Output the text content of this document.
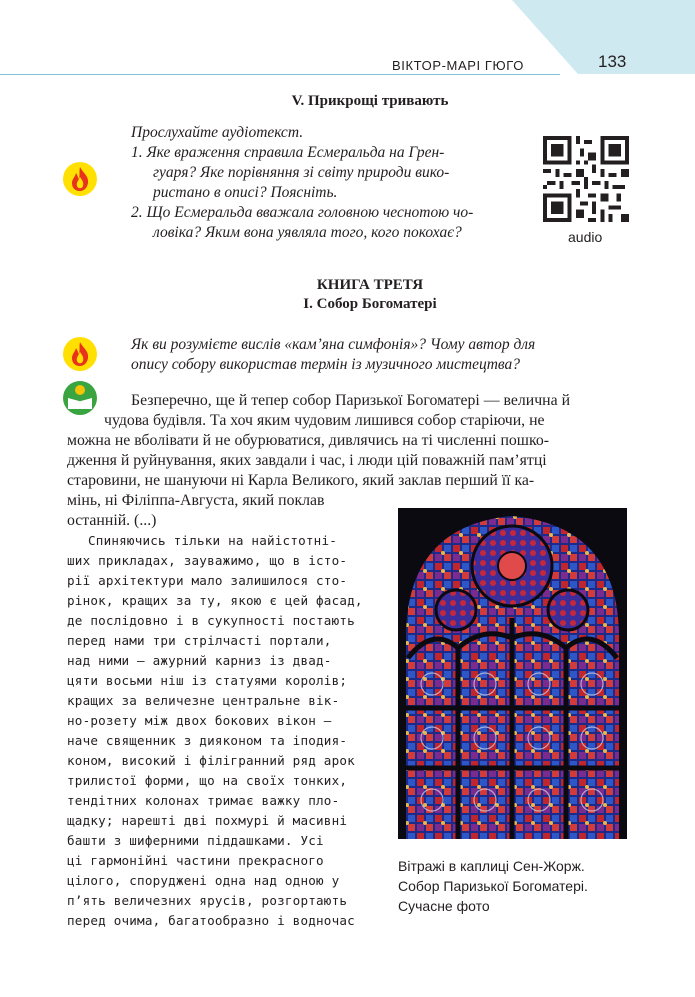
ВІКТОР-МАРІ ГЮГО	133
V. Прикрощі тривають
Прослухайте аудіотекст.
1. Яке враження справила Есмеральда на Грен-
гуаря? Яке порівняння зі світу природи вико-
ристано в описі? Поясніть.
2. Що Есмеральда вважала головною чеснотою чо-
ловіка? Яким вона уявляла того, кого покохає?	audio
КНИГА ТРЕТЯ
I. Собор Богоматері
Як ви розумієте вислів «кам’яна симфонія»? Чому автор для
опису собору використав термін із музичного мистецтва?
Безперечно, ще й тепер собор Паризької Богоматері — велична й
чудова будівля. Та хоч яким чудовим лишився собор старіючи, не
можна не вболівати й не обурюватися, дивлячись на ті численні пошко-
дження й руйнування, яких завдали і час, і люди цій поважній пам’ятці
старовини, не шануючи ні Карла Великого, який заклав перший її ка-
мінь, ні Філіппа-Августа, який поклав
останній. (...)
Спиняючись тільки на найістотні-
ших прикладах, зауважимо, що в істо-
рії архітектури мало залишилося сто-
рінок, кращих за ту, якою є цей фасад,
де послідовно і в сукупності постають
перед нами три стрілчасті портали,
над ними — ажурний карниз із двад-
цяти восьми ніш із статуями королів;
кращих за величезне центральне вік-
но-розету між двох бокових вікон —
наче священник з дияконом та іподия-
коном, високий і філігранний ряд арок
трилистої форми, що на своїх тонких,
тендітних колонах тримає важку пло-
щадку; нарешті дві похмурі й масивні
башти з шиферними піддашками. Усі
ці гармонійні частини прекрасного
цілого, споруджені одна над одною у
п’ять величезних ярусів, розгортають
перед очима, багатообразно і водночас
Вітражі в каплиці Сен-Жорж.
Собор Паризької Богоматері.
Сучасне фото
